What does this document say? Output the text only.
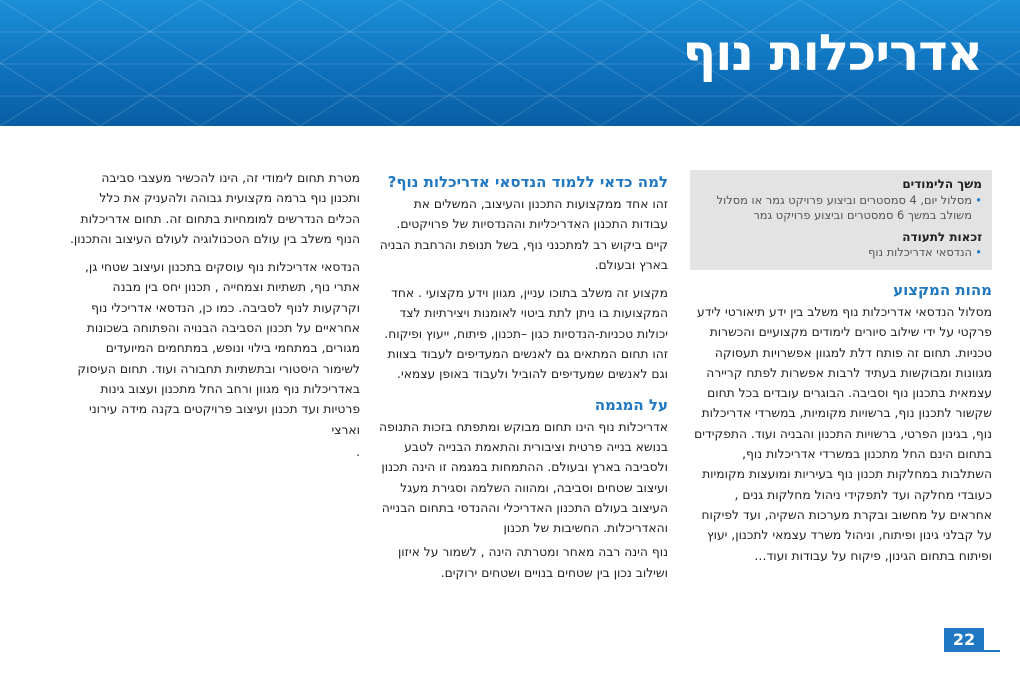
אדריכלות נוף
משך הלימודים
• מסלול יום, 4 סמסטרים וביצוע פרויקט גמר או מסלול משולב במשך 6 סמסטרים וביצוע פרויקט גמר
זכאות לתעודה
• הנדסאי אדריכלות נוף
מהות המקצוע

מסלול הנדסאי אדריכלות נוף משלב בין ידע תיאורטי לידע פרקטי על ידי שילוב סיורים לימודים מקצועיים והכשרות טכניות. תחום זה פותח דלת למגוון אפשרויות תעסוקה מגוונות ומבוקשות בעתיד לרבות אפשרות לפתח קריירה עצמאית בתכנון נוף וסביבה. הבוגרים עובדים בכל תחום שקשור לתכנון נוף, ברשויות מקומיות, במשרדי אדריכלות נוף, בגינון הפרטי, ברשויות התכנון והבניה ועוד. התפקידים בתחום הינם החל מתכנון במשרדי אדריכלות נוף, השתלבות במחלקות תכנון נוף בעיריות ומועצות מקומיות כעובדי מחלקה ועד לתפקידי ניהול מחלקות גנים , אחראים על מחשוב ובקרת מערכות השקיה, ועד לפיקוח על קבלני גינון ופיתוח, וניהול משרד עצמאי לתכנון, יעוץ ופיתוח בתחום הגינון, פיקוח על עבודות ועוד…

למה כדאי ללמוד הנדסאי אדריכלות נוף?

זהו אחד ממקצועות התכנון והעיצוב, המשלים את עבודות התכנון האדריכליות וההנדסיות של פרויקטים. קיים ביקוש רב למתכנני נוף, בשל תנופת והרחבת הבניה בארץ ובעולם.

מקצוע זה משלב בתוכו עניין, מגוון וידע מקצועי . אחד המקצועות בו ניתן לתת ביטוי לאומנות ויצירתיות לצד יכולות טכניות-הנדסיות כגון –תכנון, פיתוח, ייעוץ ופיקוח. זהו תחום המתאים גם לאנשים המעדיפים לעבוד בצוות וגם לאנשים שמעדיפים להוביל ולעבוד באופן עצמאי.

על המגמה

אדריכלות נוף הינו תחום מבוקש ומתפתח בזכות התנופה בנושא בנייה פרטית וציבורית והתאמת הבנייה לטבע ולסביבה בארץ ובעולם. ההתמחות במגמה זו הינה תכנון ועיצוב שטחים וסביבה, ומהווה השלמה וסגירת מעגל העיצוב בעולם התכנון האדריכלי וההנדסי בתחום הבנייה והאדריכלות. החשיבות של תכנון

נוף הינה רבה מאחר ומטרתה הינה , לשמור על איזון ושילוב נכון בין שטחים בנויים ושטחים ירוקים.

מטרת תחום לימודי זה, הינו להכשיר מעצבי סביבה ותכנון נוף ברמה מקצועית גבוהה ולהעניק את כלל הכלים הנדרשים למומחיות בתחום זה. תחום אדריכלות הנוף משלב בין עולם הטכנולוגיה לעולם העיצוב והתכנון.

הנדסאי אדריכלות נוף עוסקים בתכנון ועיצוב שטחי גן, אתרי נוף, תשתיות וצמחייה , תכנון יחס בין מבנה וקרקעות לנוף לסביבה. כמו כן, הנדסאי אדריכלי נוף אחראיים על תכנון הסביבה הבנויה והפתוחה בשכונות מגורים, במתחמי בילוי ונופש, במתחמים המיועדים לשימור היסטורי ובתשתיות תחבורה ועוד. תחום העיסוק באדריכלות נוף מגוון ורחב החל מתכנון ועצוב גינות פרטיות ועד תכנון ועיצוב פרויקטים בקנה מידה עירוני וארצי

.

22
